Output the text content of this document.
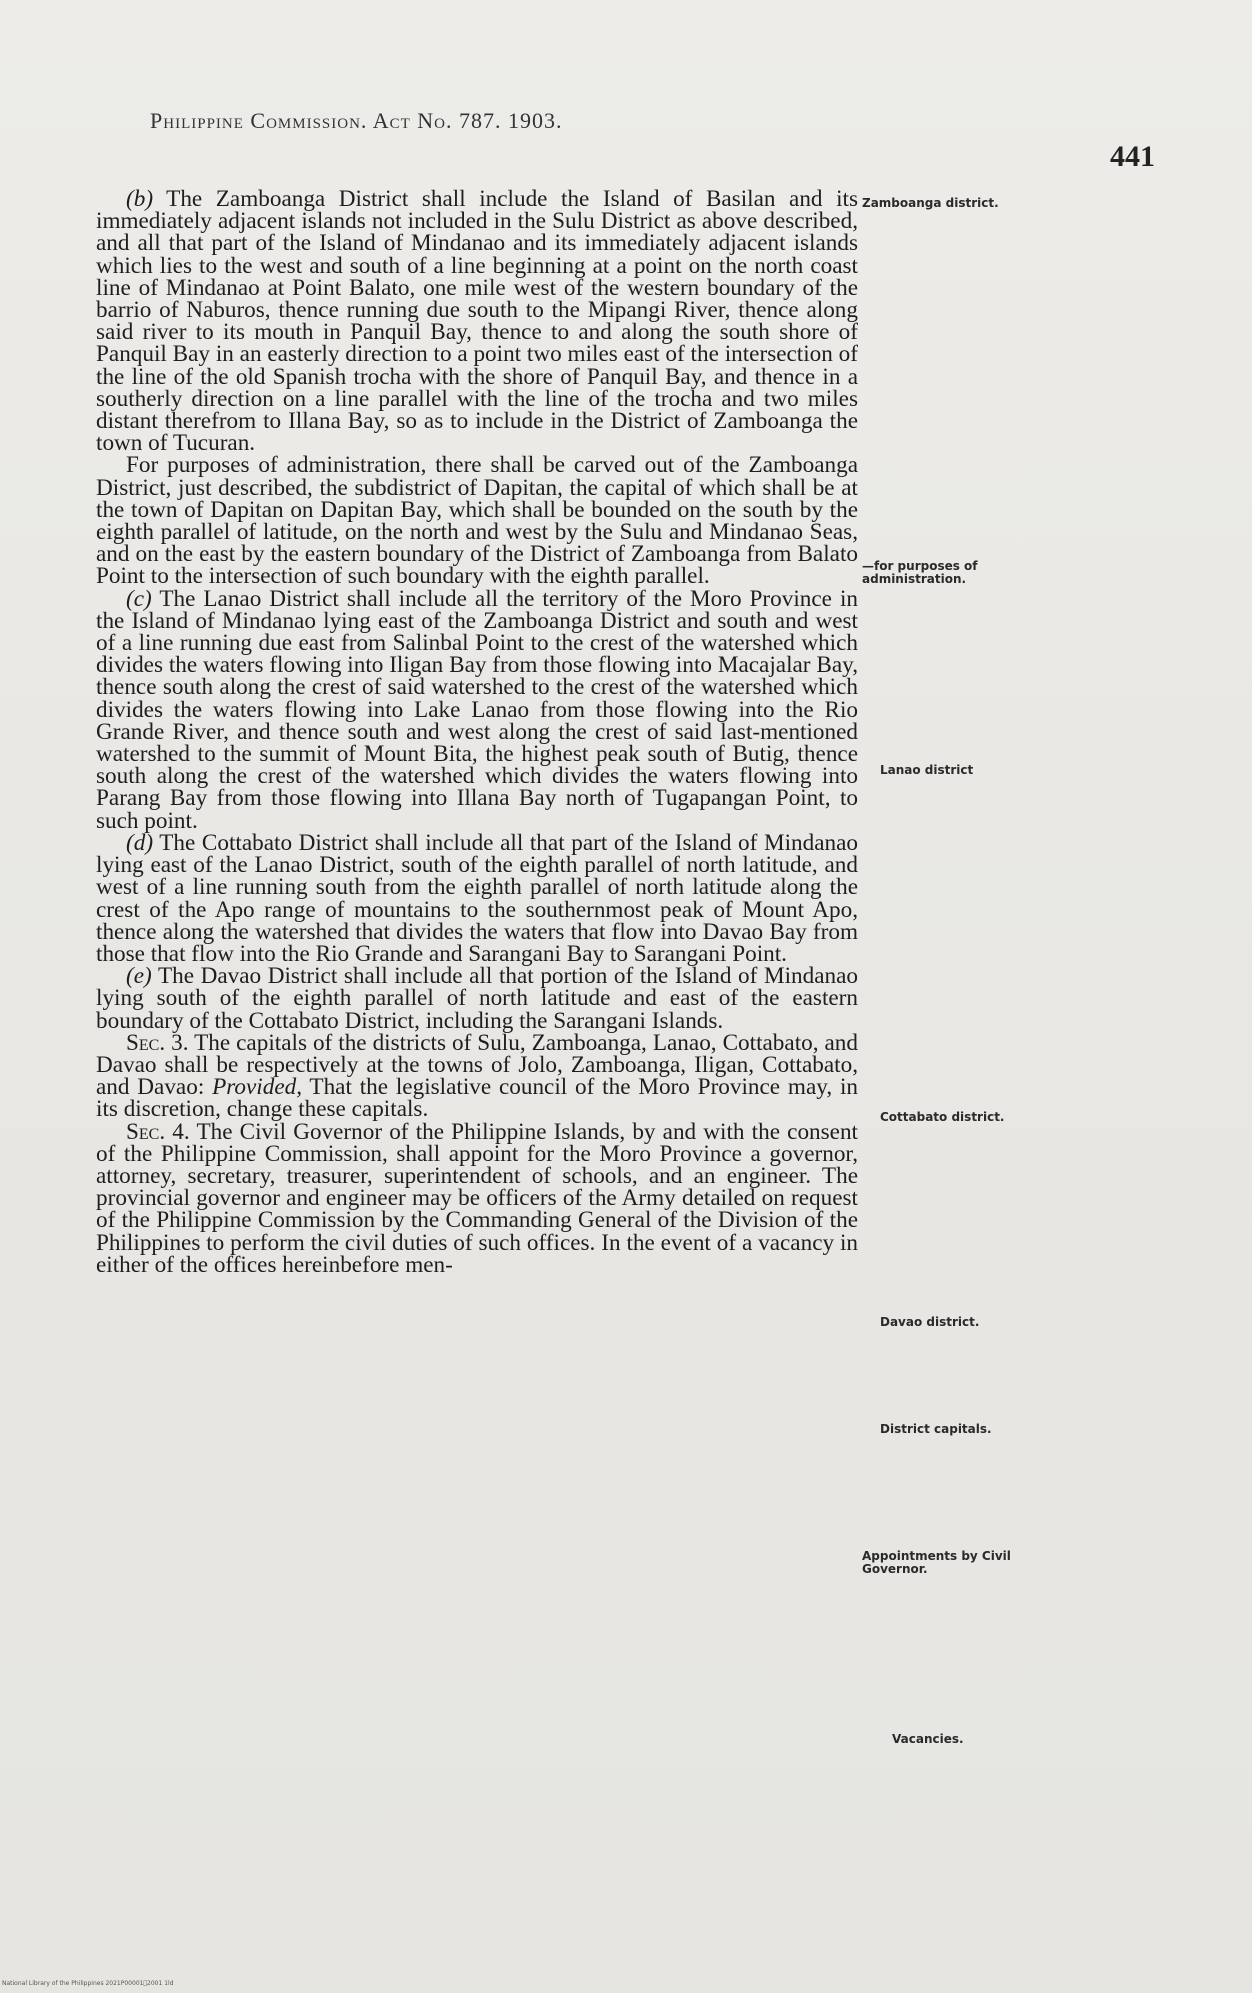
Philippine Commission. Act No. 787. 1903.
441

(b) The Zamboanga District shall include the Island of Basilan and its immediately adjacent islands not included in the Sulu District as above described, and all that part of the Island of Mindanao and its immediately adjacent islands which lies to the west and south of a line beginning at a point on the north coast line of Mindanao at Point Balato, one mile west of the western boundary of the barrio of Naburos, thence running due south to the Mipangi River, thence along said river to its mouth in Panquil Bay, thence to and along the south shore of Panquil Bay in an easterly direction to a point two miles east of the intersection of the line of the old Spanish trocha with the shore of Panquil Bay, and thence in a southerly direction on a line parallel with the line of the trocha and two miles distant therefrom to Illana Bay, so as to include in the District of Zamboanga the town of Tucuran.

For purposes of administration, there shall be carved out of the Zamboanga District, just described, the subdistrict of Dapitan, the capital of which shall be at the town of Dapitan on Dapitan Bay, which shall be bounded on the south by the eighth parallel of latitude, on the north and west by the Sulu and Mindanao Seas, and on the east by the eastern boundary of the District of Zamboanga from Balato Point to the intersection of such boundary with the eighth parallel.

(c) The Lanao District shall include all the territory of the Moro Province in the Island of Mindanao lying east of the Zamboanga District and south and west of a line running due east from Salinbal Point to the crest of the watershed which divides the waters flowing into Iligan Bay from those flowing into Macajalar Bay, thence south along the crest of said watershed to the crest of the watershed which divides the waters flowing into Lake Lanao from those flowing into the Rio Grande River, and thence south and west along the crest of said last-mentioned watershed to the summit of Mount Bita, the highest peak south of Butig, thence south along the crest of the watershed which divides the waters flowing into Parang Bay from those flowing into Illana Bay north of Tugapangan Point, to such point.

(d) The Cottabato District shall include all that part of the Island of Mindanao lying east of the Lanao District, south of the eighth parallel of north latitude, and west of a line running south from the eighth parallel of north latitude along the crest of the Apo range of mountains to the southernmost peak of Mount Apo, thence along the watershed that divides the waters that flow into Davao Bay from those that flow into the Rio Grande and Sarangani Bay to Sarangani Point.

(e) The Davao District shall include all that portion of the Island of Mindanao lying south of the eighth parallel of north latitude and east of the eastern boundary of the Cottabato District, including the Sarangani Islands.

Sec. 3. The capitals of the districts of Sulu, Zamboanga, Lanao, Cottabato, and Davao shall be respectively at the towns of Jolo, Zamboanga, Iligan, Cottabato, and Davao: Provided, That the legislative council of the Moro Province may, in its discretion, change these capitals.

Sec. 4. The Civil Governor of the Philippine Islands, by and with the consent of the Philippine Commission, shall appoint for the Moro Province a governor, attorney, secretary, treasurer, superintendent of schools, and an engineer. The provincial governor and engineer may be officers of the Army detailed on request of the Philippine Commission by the Commanding General of the Division of the Philippines to perform the civil duties of such offices. In the event of a vacancy in either of the offices hereinbefore men-

Zamboanga district.
—for purposes of administration.
Lanao district
Cottabato district.
Davao district.
District capitals.
Appointments by Civil Governor.
Vacancies.
National Library of the Philippines 2021P00001 2001 1ld
